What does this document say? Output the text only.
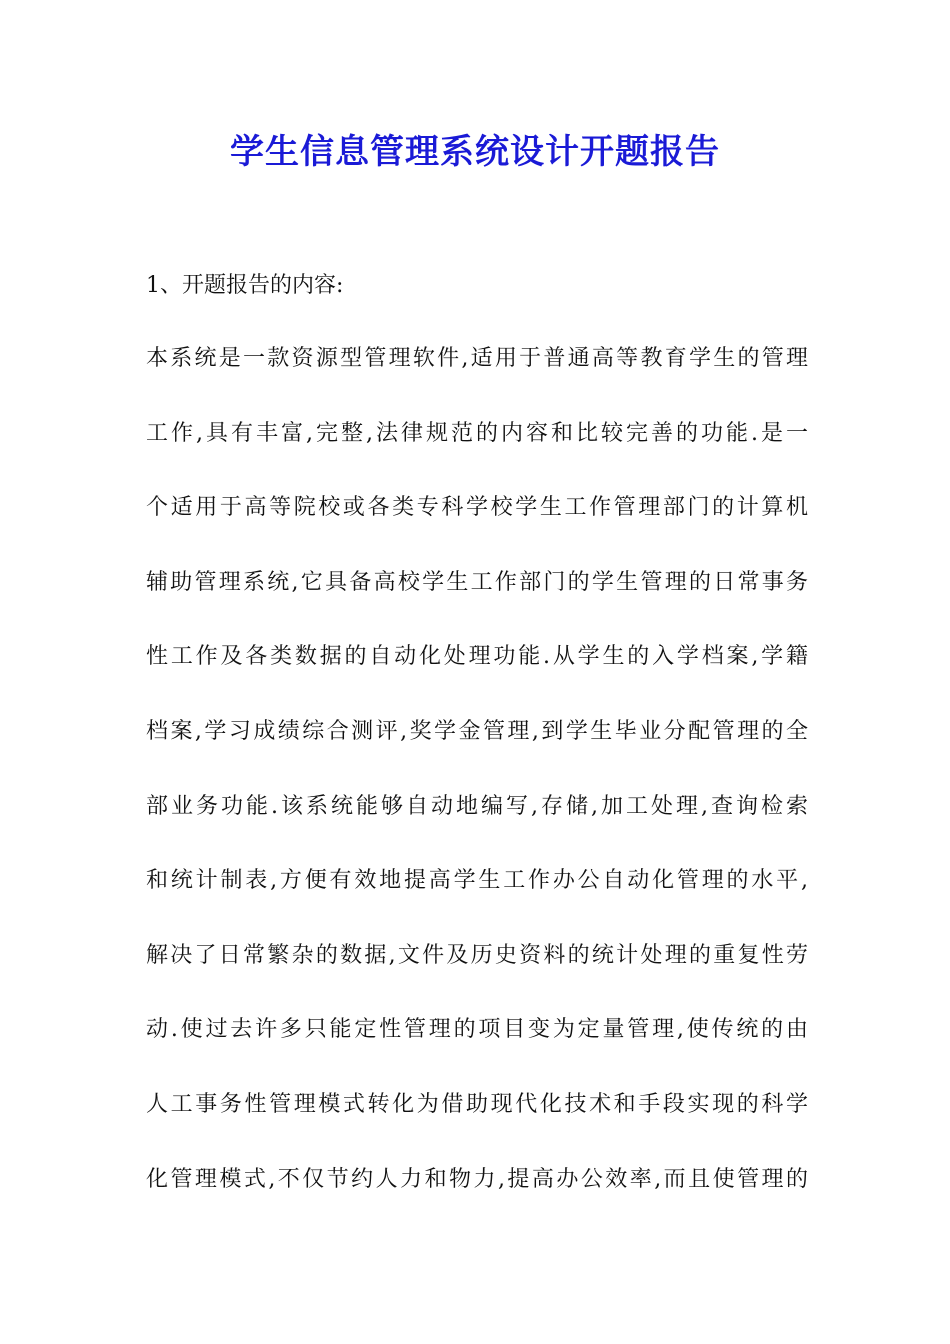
学生信息管理系统设计开题报告
1、开题报告的内容:
本系统是一款资源型管理软件,适用于普通高等教育学生的管理
工作,具有丰富,完整,法律规范的内容和比较完善的功能.是一
个适用于高等院校或各类专科学校学生工作管理部门的计算机
辅助管理系统,它具备高校学生工作部门的学生管理的日常事务
性工作及各类数据的自动化处理功能.从学生的入学档案,学籍
档案,学习成绩综合测评,奖学金管理,到学生毕业分配管理的全
部业务功能.该系统能够自动地编写,存储,加工处理,查询检索
和统计制表,方便有效地提高学生工作办公自动化管理的水平,
解决了日常繁杂的数据,文件及历史资料的统计处理的重复性劳
动.使过去许多只能定性管理的项目变为定量管理,使传统的由
人工事务性管理模式转化为借助现代化技术和手段实现的科学
化管理模式,不仅节约人力和物力,提高办公效率,而且使管理的
